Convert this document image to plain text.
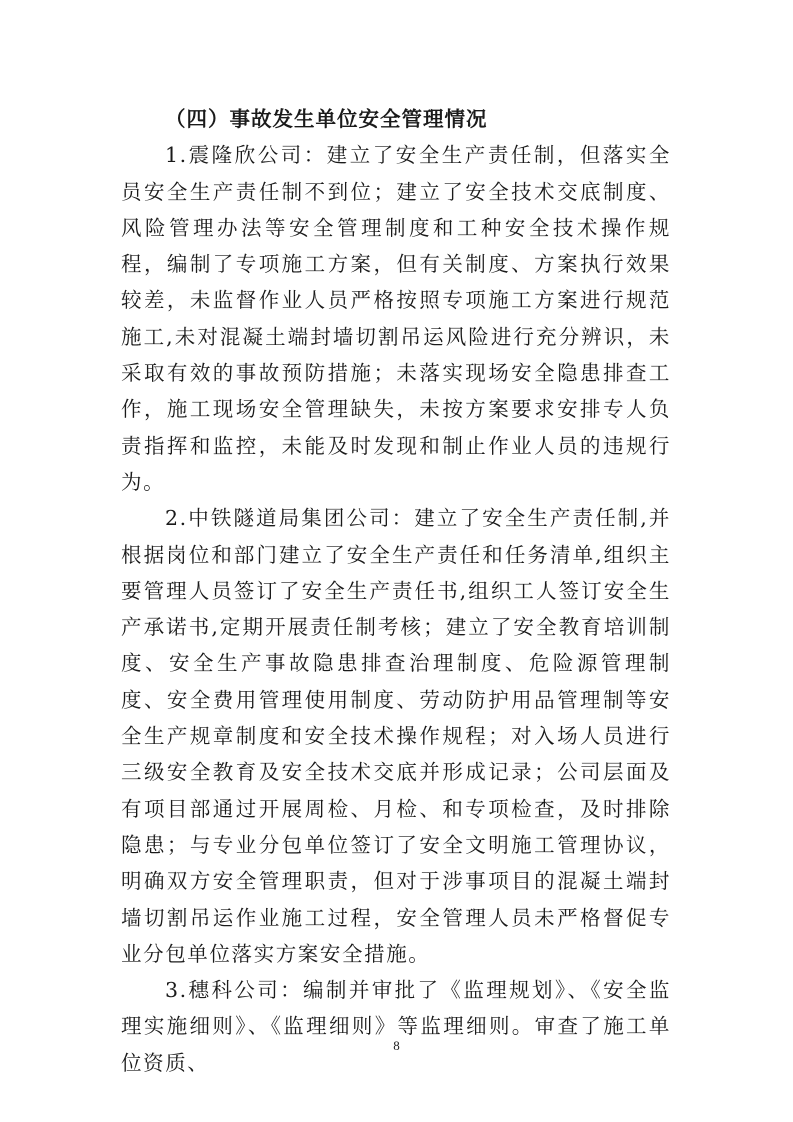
（四）事故发生单位安全管理情况

1.震隆欣公司：建立了安全生产责任制，但落实全员安全生产责任制不到位；建立了安全技术交底制度、风险管理办法等安全管理制度和工种安全技术操作规程，编制了专项施工方案，但有关制度、方案执行效果较差，未监督作业人员严格按照专项施工方案进行规范施工,未对混凝土端封墙切割吊运风险进行充分辨识，未采取有效的事故预防措施；未落实现场安全隐患排查工作，施工现场安全管理缺失，未按方案要求安排专人负责指挥和监控，未能及时发现和制止作业人员的违规行为。

2.中铁隧道局集团公司：建立了安全生产责任制,并根据岗位和部门建立了安全生产责任和任务清单,组织主要管理人员签订了安全生产责任书,组织工人签订安全生产承诺书,定期开展责任制考核；建立了安全教育培训制度、安全生产事故隐患排查治理制度、危险源管理制度、安全费用管理使用制度、劳动防护用品管理制等安全生产规章制度和安全技术操作规程；对入场人员进行三级安全教育及安全技术交底并形成记录；公司层面及有项目部通过开展周检、月检、和专项检查，及时排除隐患；与专业分包单位签订了安全文明施工管理协议，明确双方安全管理职责，但对于涉事项目的混凝土端封墙切割吊运作业施工过程，安全管理人员未严格督促专业分包单位落实方案安全措施。

3.穗科公司：编制并审批了《监理规划》、《安全监理实施细则》、《监理细则》等监理细则。审查了施工单位资质、

8
